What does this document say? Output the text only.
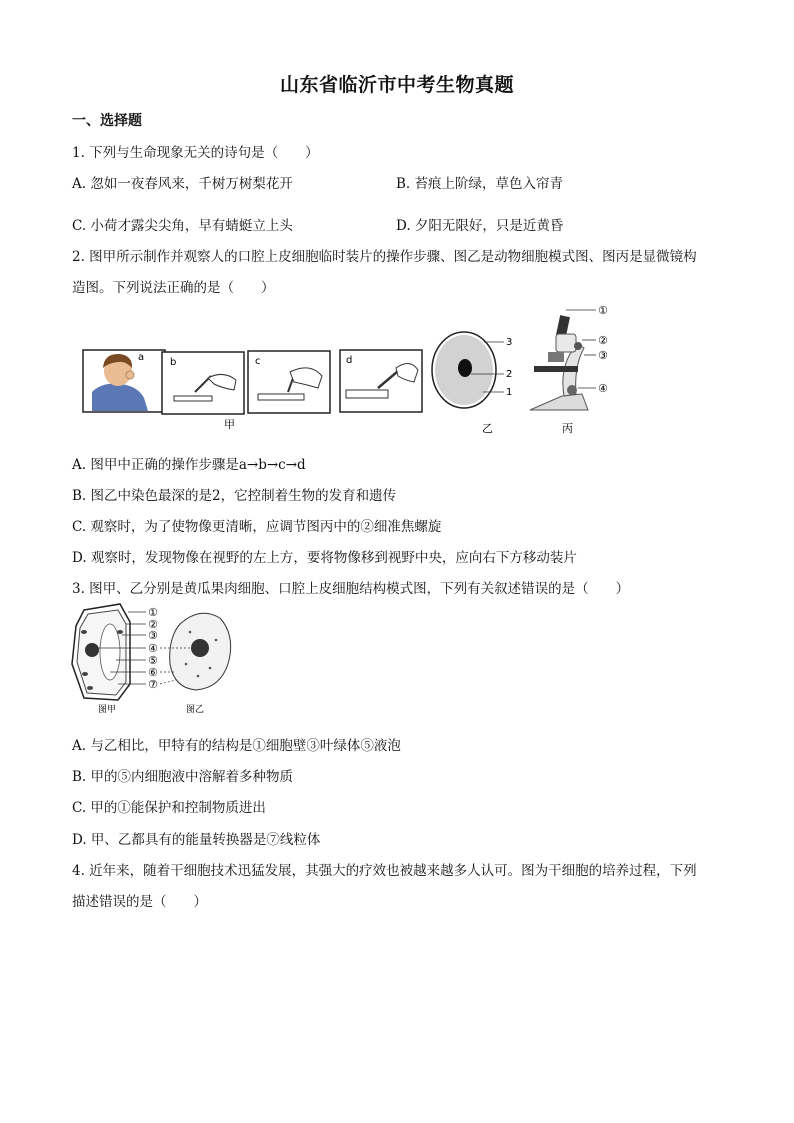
山东省临沂市中考生物真题
一、选择题
1. 下列与生命现象无关的诗句是（　　）
A. 忽如一夜春风来，千树万树梨花开	B. 苔痕上阶绿，草色入帘青
C. 小荷才露尖尖角，早有蜻蜓立上头	D. 夕阳无限好，只是近黄昏
2. 图甲所示制作并观察人的口腔上皮细胞临时装片的操作步骤、图乙是动物细胞模式图、图丙是显微镜构
造图。下列说法正确的是（　　）
a	b	c	d
甲
3
2
1
乙
①
②
③
④
丙
A. 图甲中正确的操作步骤是a→b→c→d
B. 图乙中染色最深的是2，它控制着生物的发育和遗传
C. 观察时，为了使物像更清晰，应调节图丙中的②细准焦螺旋
D. 观察时，发现物像在视野的左上方，要将物像移到视野中央，应向右下方移动装片
3. 图甲、乙分别是黄瓜果肉细胞、口腔上皮细胞结构模式图，下列有关叙述错误的是（　　）
①
②
③
④
⑤
⑥
⑦
图甲	图乙
A. 与乙相比，甲特有的结构是①细胞壁③叶绿体⑤液泡
B. 甲的⑤内细胞液中溶解着多种物质
C. 甲的①能保护和控制物质进出
D. 甲、乙都具有的能量转换器是⑦线粒体
4. 近年来，随着干细胞技术迅猛发展，其强大的疗效也被越来越多人认可。图为干细胞的培养过程，下列
描述错误的是（　　）
